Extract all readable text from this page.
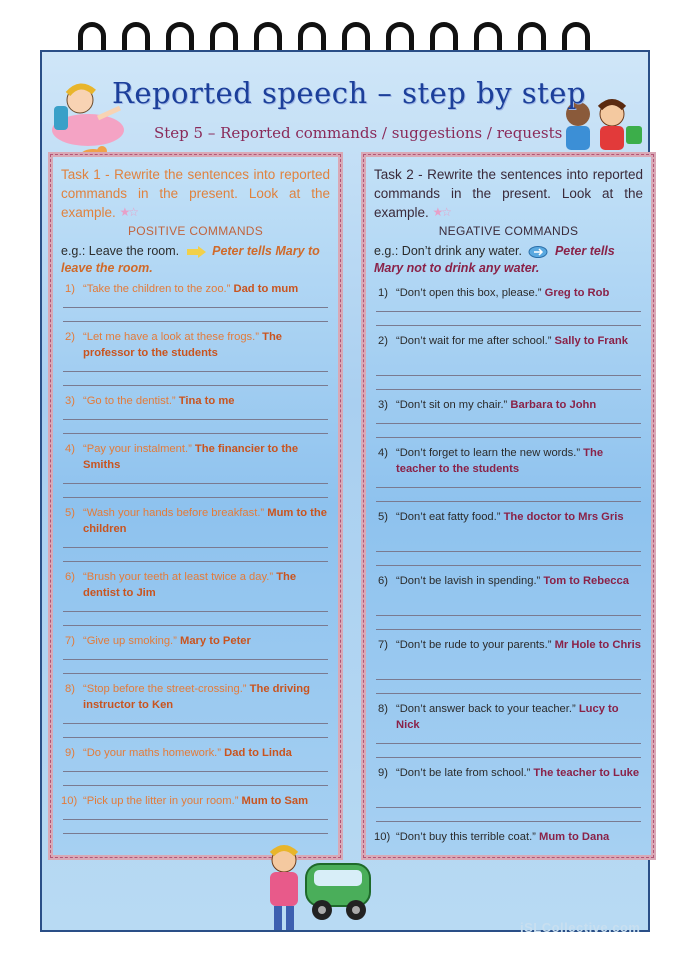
Reported speech – step by step
Step 5 – Reported commands / suggestions / requests
Task 1 - Rewrite the sentences into reported commands in the present. Look at the example. ★☆
POSITIVE COMMANDS
e.g.: Leave the room.	Peter tells Mary to leave the room.
1) “Take the children to the zoo.” Dad to mum
2) “Let me have a look at these frogs.” The professor to the students
3) “Go to the dentist.” Tina to me
4) “Pay your instalment.” The financier to the Smiths
5) “Wash your hands before breakfast.” Mum to the children
6) “Brush your teeth at least twice a day.” The dentist to Jim
7) “Give up smoking.” Mary to Peter
8) “Stop before the street-crossing.” The driving instructor to Ken
9) “Do your maths homework.” Dad to Linda
10) “Pick up the litter in your room.” Mum to Sam
Task 2 - Rewrite the sentences into reported commands in the present. Look at the example. ★☆
NEGATIVE COMMANDS
e.g.: Don’t drink any water.	Peter tells Mary not to drink any water.
1) “Don’t open this box, please.” Greg to Rob
2) “Don’t wait for me after school.” Sally to Frank
3) “Don’t sit on my chair.” Barbara to John
4) “Don’t forget to learn the new words.” The teacher to the students
5) “Don’t eat fatty food.” The doctor to Mrs Gris
6) “Don’t be lavish in spending.” Tom to Rebecca
7) “Don’t be rude to your parents.” Mr Hole to Chris
8) “Don’t answer back to your teacher.” Lucy to Nick
9) “Don’t be late from school.” The teacher to Luke
10) “Don’t buy this terrible coat.” Mum to Dana
iSLCollective.com
